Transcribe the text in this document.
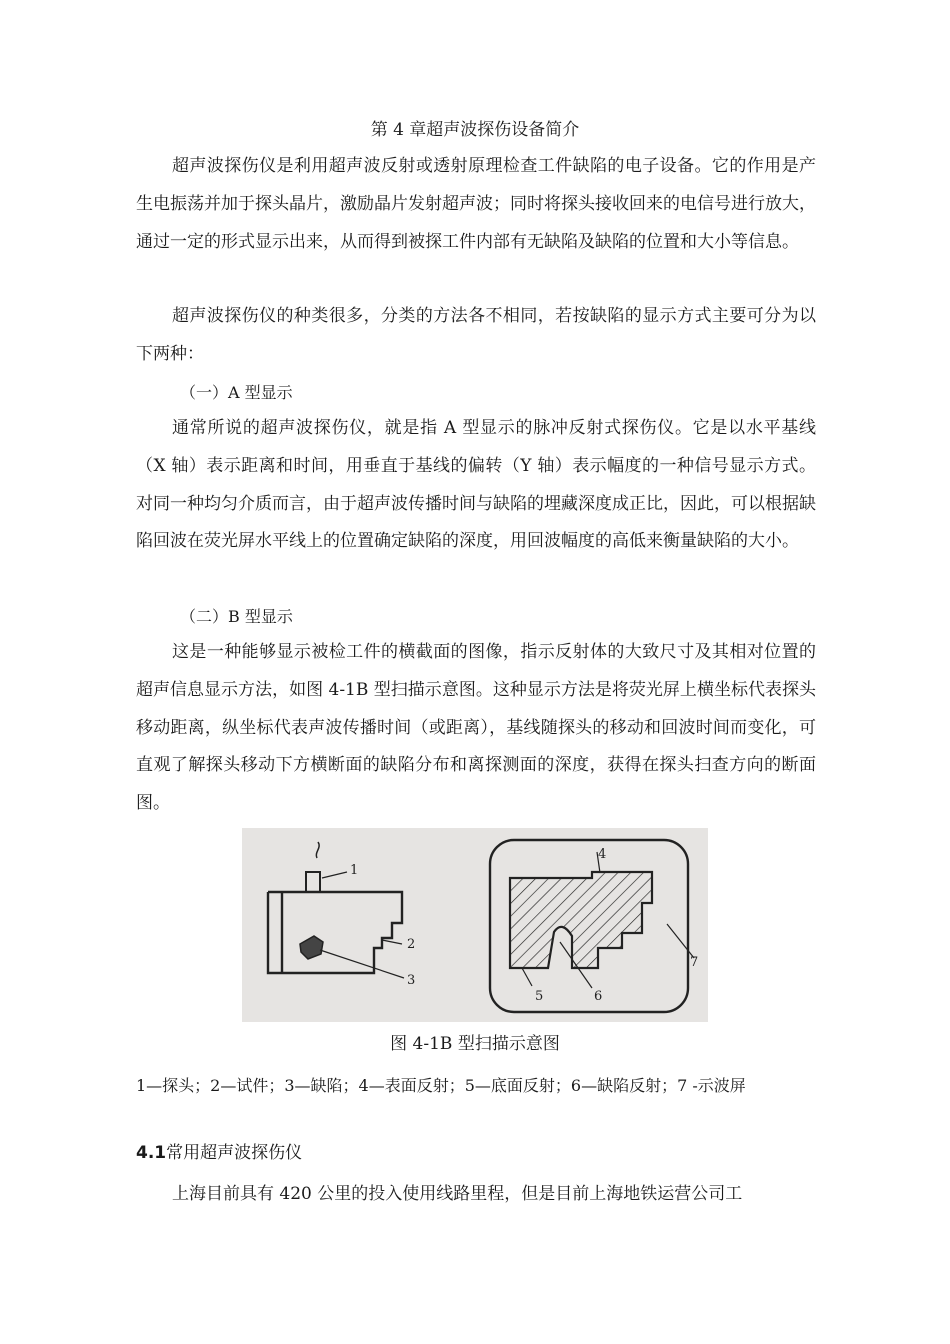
第 4 章超声波探伤设备简介
超声波探伤仪是利用超声波反射或透射原理检查工件缺陷的电子设备。它的作用是产生电振荡并加于探头晶片，激励晶片发射超声波；同时将探头接收回来的电信号进行放大，通过一定的形式显示出来，从而得到被探工件内部有无缺陷及缺陷的位置和大小等信息。
超声波探伤仪的种类很多，分类的方法各不相同，若按缺陷的显示方式主要可分为以下两种：
（一）A 型显示
通常所说的超声波探伤仪，就是指 A 型显示的脉冲反射式探伤仪。它是以水平基线（X 轴）表示距离和时间，用垂直于基线的偏转（Y 轴）表示幅度的一种信号显示方式。对同一种均匀介质而言，由于超声波传播时间与缺陷的埋藏深度成正比，因此，可以根据缺陷回波在荧光屏水平线上的位置确定缺陷的深度，用回波幅度的高低来衡量缺陷的大小。
（二）B 型显示
这是一种能够显示被检工件的横截面的图像，指示反射体的大致尺寸及其相对位置的超声信息显示方法，如图 4-1B 型扫描示意图。这种显示方法是将荧光屏上横坐标代表探头移动距离，纵坐标代表声波传播时间（或距离），基线随探头的移动和回波时间而变化，可直观了解探头移动下方横断面的缺陷分布和离探测面的深度，获得在探头扫查方向的断面图。
1
2
3
4
5	6
7
图 4-1B 型扫描示意图
1—探头；2—试件；3—缺陷；4—表面反射；5—底面反射；6—缺陷反射；7 -示波屏
4.1常用超声波探伤仪
上海目前具有 420 公里的投入使用线路里程，但是目前上海地铁运营公司工
